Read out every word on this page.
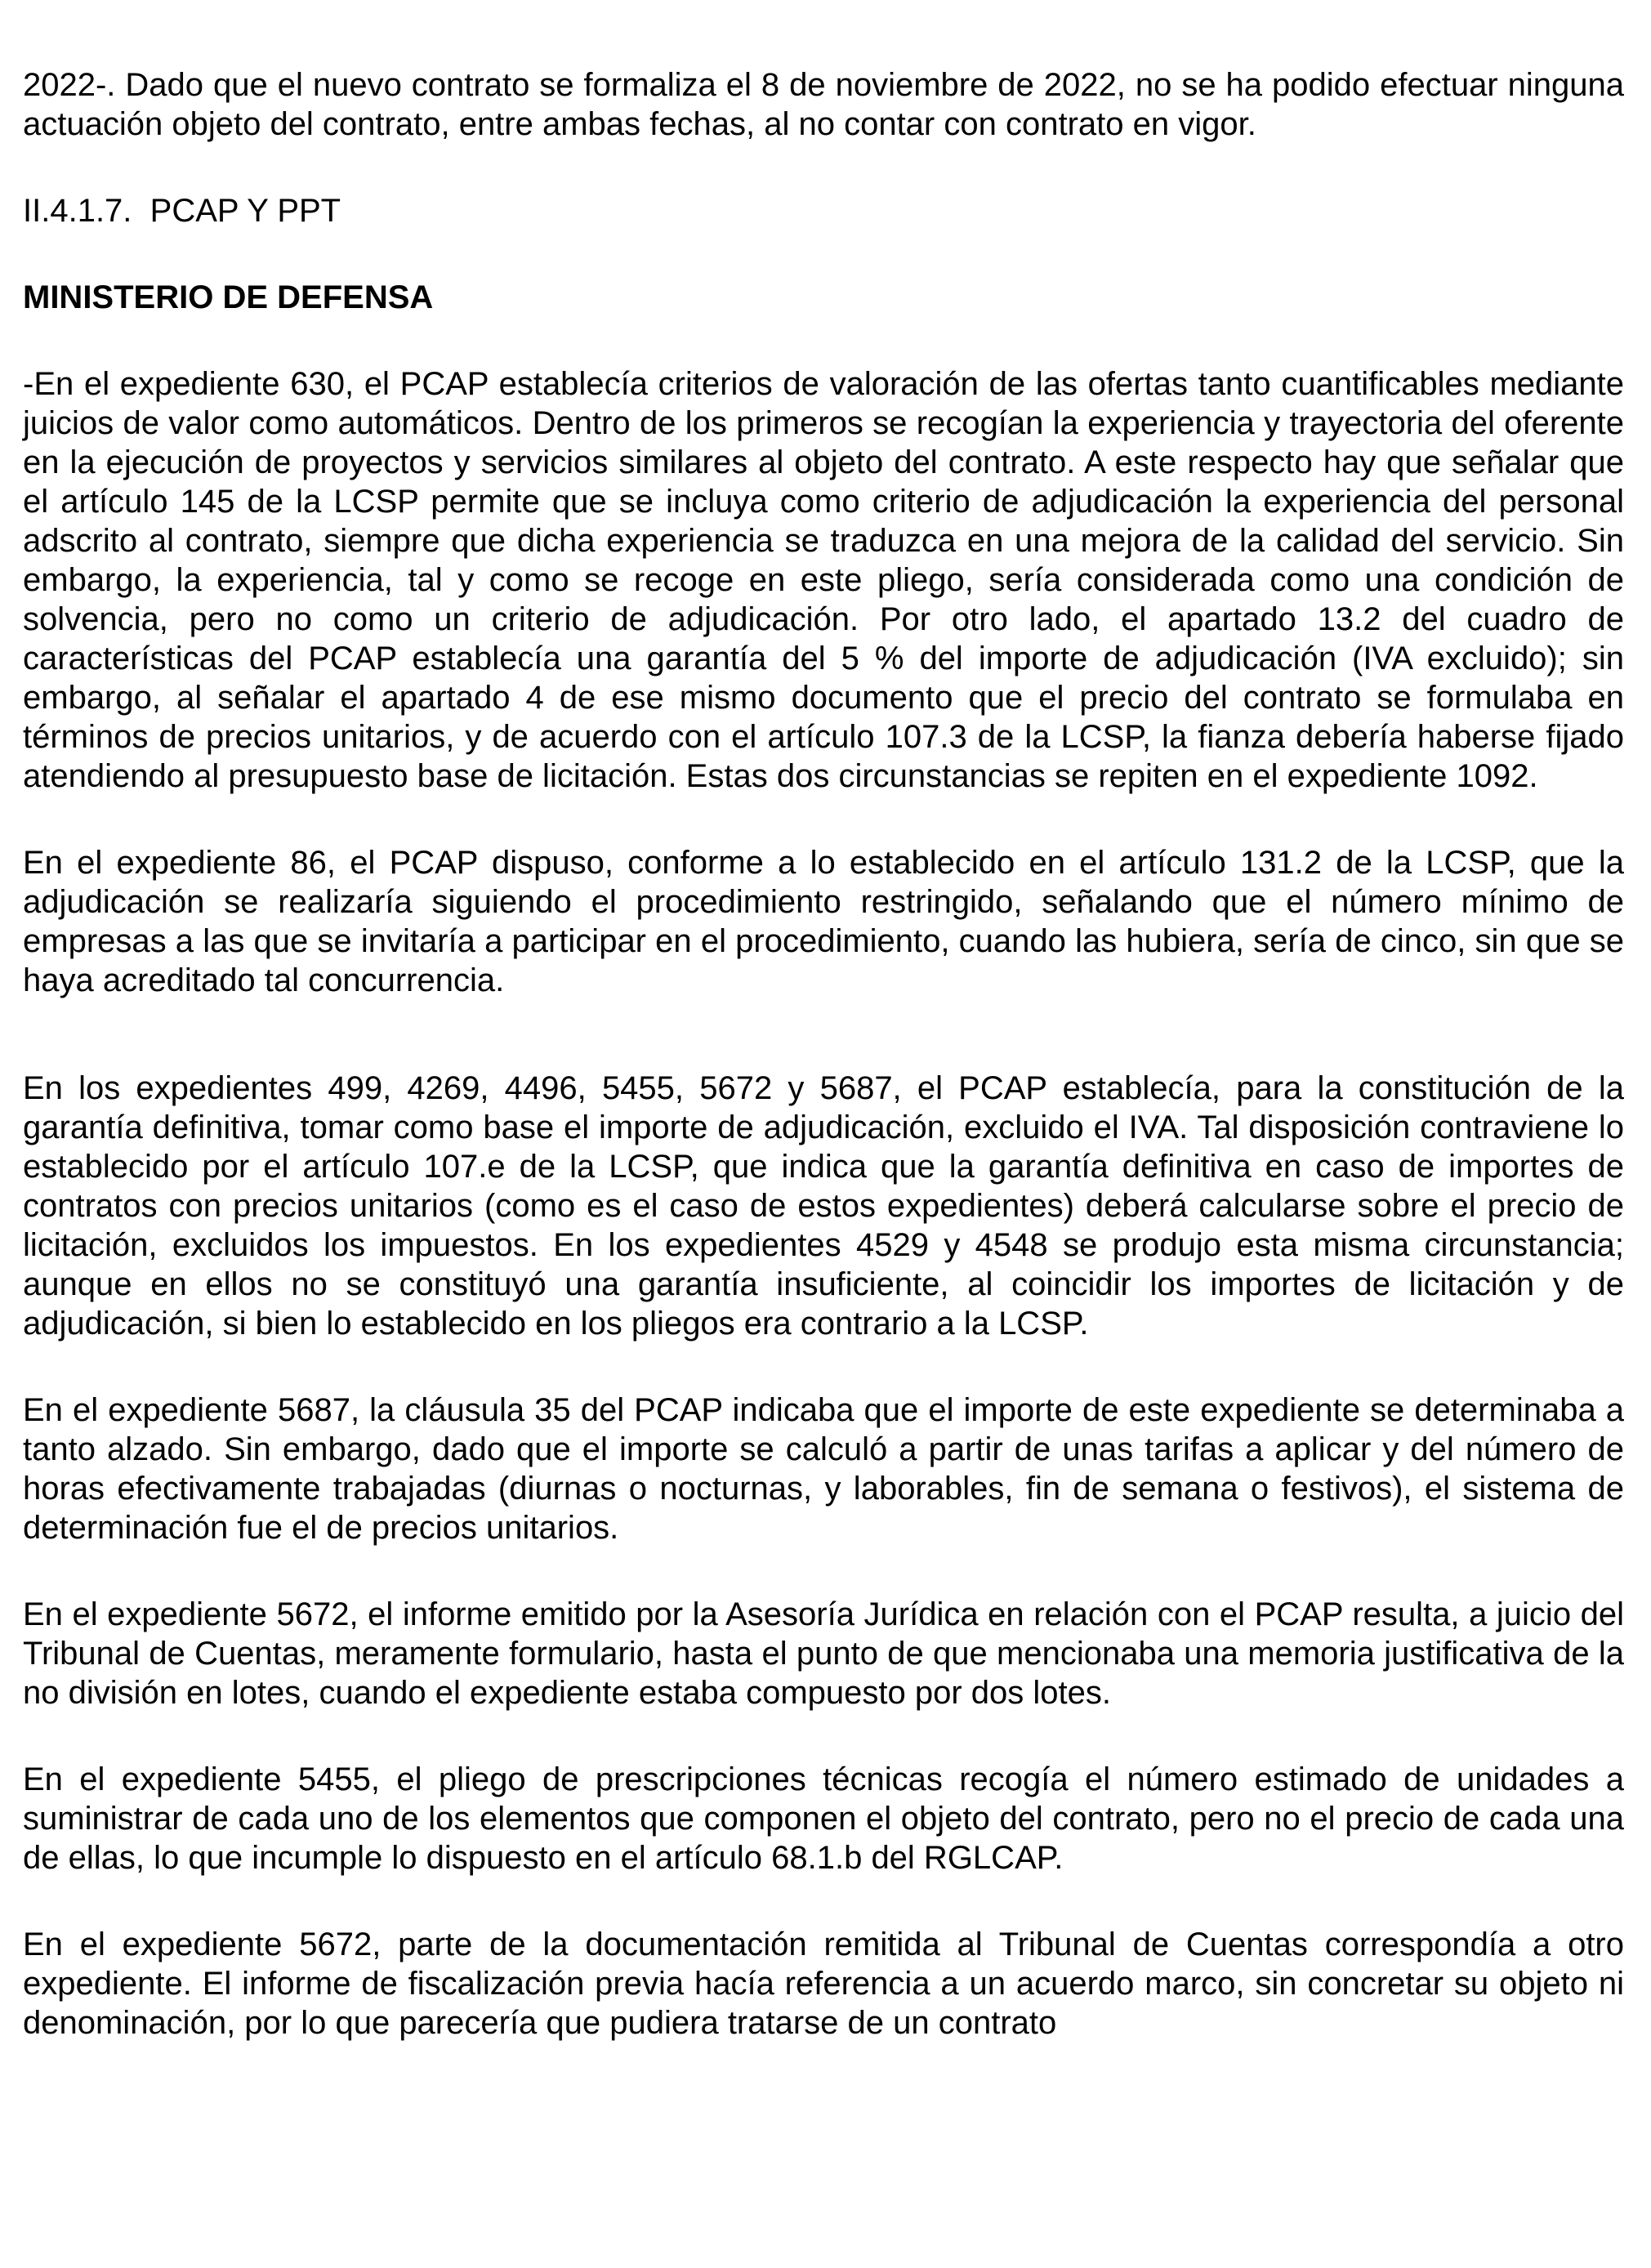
2022-. Dado que el nuevo contrato se formaliza el 8 de noviembre de 2022, no se ha podido efectuar ninguna actuación objeto del contrato, entre ambas fechas, al no contar con contrato en vigor.

II.4.1.7. PCAP Y PPT
MINISTERIO DE DEFENSA

-En el expediente 630, el PCAP establecía criterios de valoración de las ofertas tanto cuantificables mediante juicios de valor como automáticos. Dentro de los primeros se recogían la experiencia y trayectoria del oferente en la ejecución de proyectos y servicios similares al objeto del contrato. A este respecto hay que señalar que el artículo 145 de la LCSP permite que se incluya como criterio de adjudicación la experiencia del personal adscrito al contrato, siempre que dicha experiencia se traduzca en una mejora de la calidad del servicio. Sin embargo, la experiencia, tal y como se recoge en este pliego, sería considerada como una condición de solvencia, pero no como un criterio de adjudicación. Por otro lado, el apartado 13.2 del cuadro de características del PCAP establecía una garantía del 5 % del importe de adjudicación (IVA excluido); sin embargo, al señalar el apartado 4 de ese mismo documento que el precio del contrato se formulaba en términos de precios unitarios, y de acuerdo con el artículo 107.3 de la LCSP, la fianza debería haberse fijado atendiendo al presupuesto base de licitación. Estas dos circunstancias se repiten en el expediente 1092.

En el expediente 86, el PCAP dispuso, conforme a lo establecido en el artículo 131.2 de la LCSP, que la adjudicación se realizaría siguiendo el procedimiento restringido, señalando que el número mínimo de empresas a las que se invitaría a participar en el procedimiento, cuando las hubiera, sería de cinco, sin que se haya acreditado tal concurrencia.

En los expedientes 499, 4269, 4496, 5455, 5672 y 5687, el PCAP establecía, para la constitución de la garantía definitiva, tomar como base el importe de adjudicación, excluido el IVA. Tal disposición contraviene lo establecido por el artículo 107.e de la LCSP, que indica que la garantía definitiva en caso de importes de contratos con precios unitarios (como es el caso de estos expedientes) deberá calcularse sobre el precio de licitación, excluidos los impuestos. En los expedientes 4529 y 4548 se produjo esta misma circunstancia; aunque en ellos no se constituyó una garantía insuficiente, al coincidir los importes de licitación y de adjudicación, si bien lo establecido en los pliegos era contrario a la LCSP.

En el expediente 5687, la cláusula 35 del PCAP indicaba que el importe de este expediente se determinaba a tanto alzado. Sin embargo, dado que el importe se calculó a partir de unas tarifas a aplicar y del número de horas efectivamente trabajadas (diurnas o nocturnas, y laborables, fin de semana o festivos), el sistema de determinación fue el de precios unitarios.

En el expediente 5672, el informe emitido por la Asesoría Jurídica en relación con el PCAP resulta, a juicio del Tribunal de Cuentas, meramente formulario, hasta el punto de que mencionaba una memoria justificativa de la no división en lotes, cuando el expediente estaba compuesto por dos lotes.

En el expediente 5455, el pliego de prescripciones técnicas recogía el número estimado de unidades a suministrar de cada uno de los elementos que componen el objeto del contrato, pero no el precio de cada una de ellas, lo que incumple lo dispuesto en el artículo 68.1.b del RGLCAP.

En el expediente 5672, parte de la documentación remitida al Tribunal de Cuentas correspondía a otro expediente. El informe de fiscalización previa hacía referencia a un acuerdo marco, sin concretar su objeto ni denominación, por lo que parecería que pudiera tratarse de un contrato
